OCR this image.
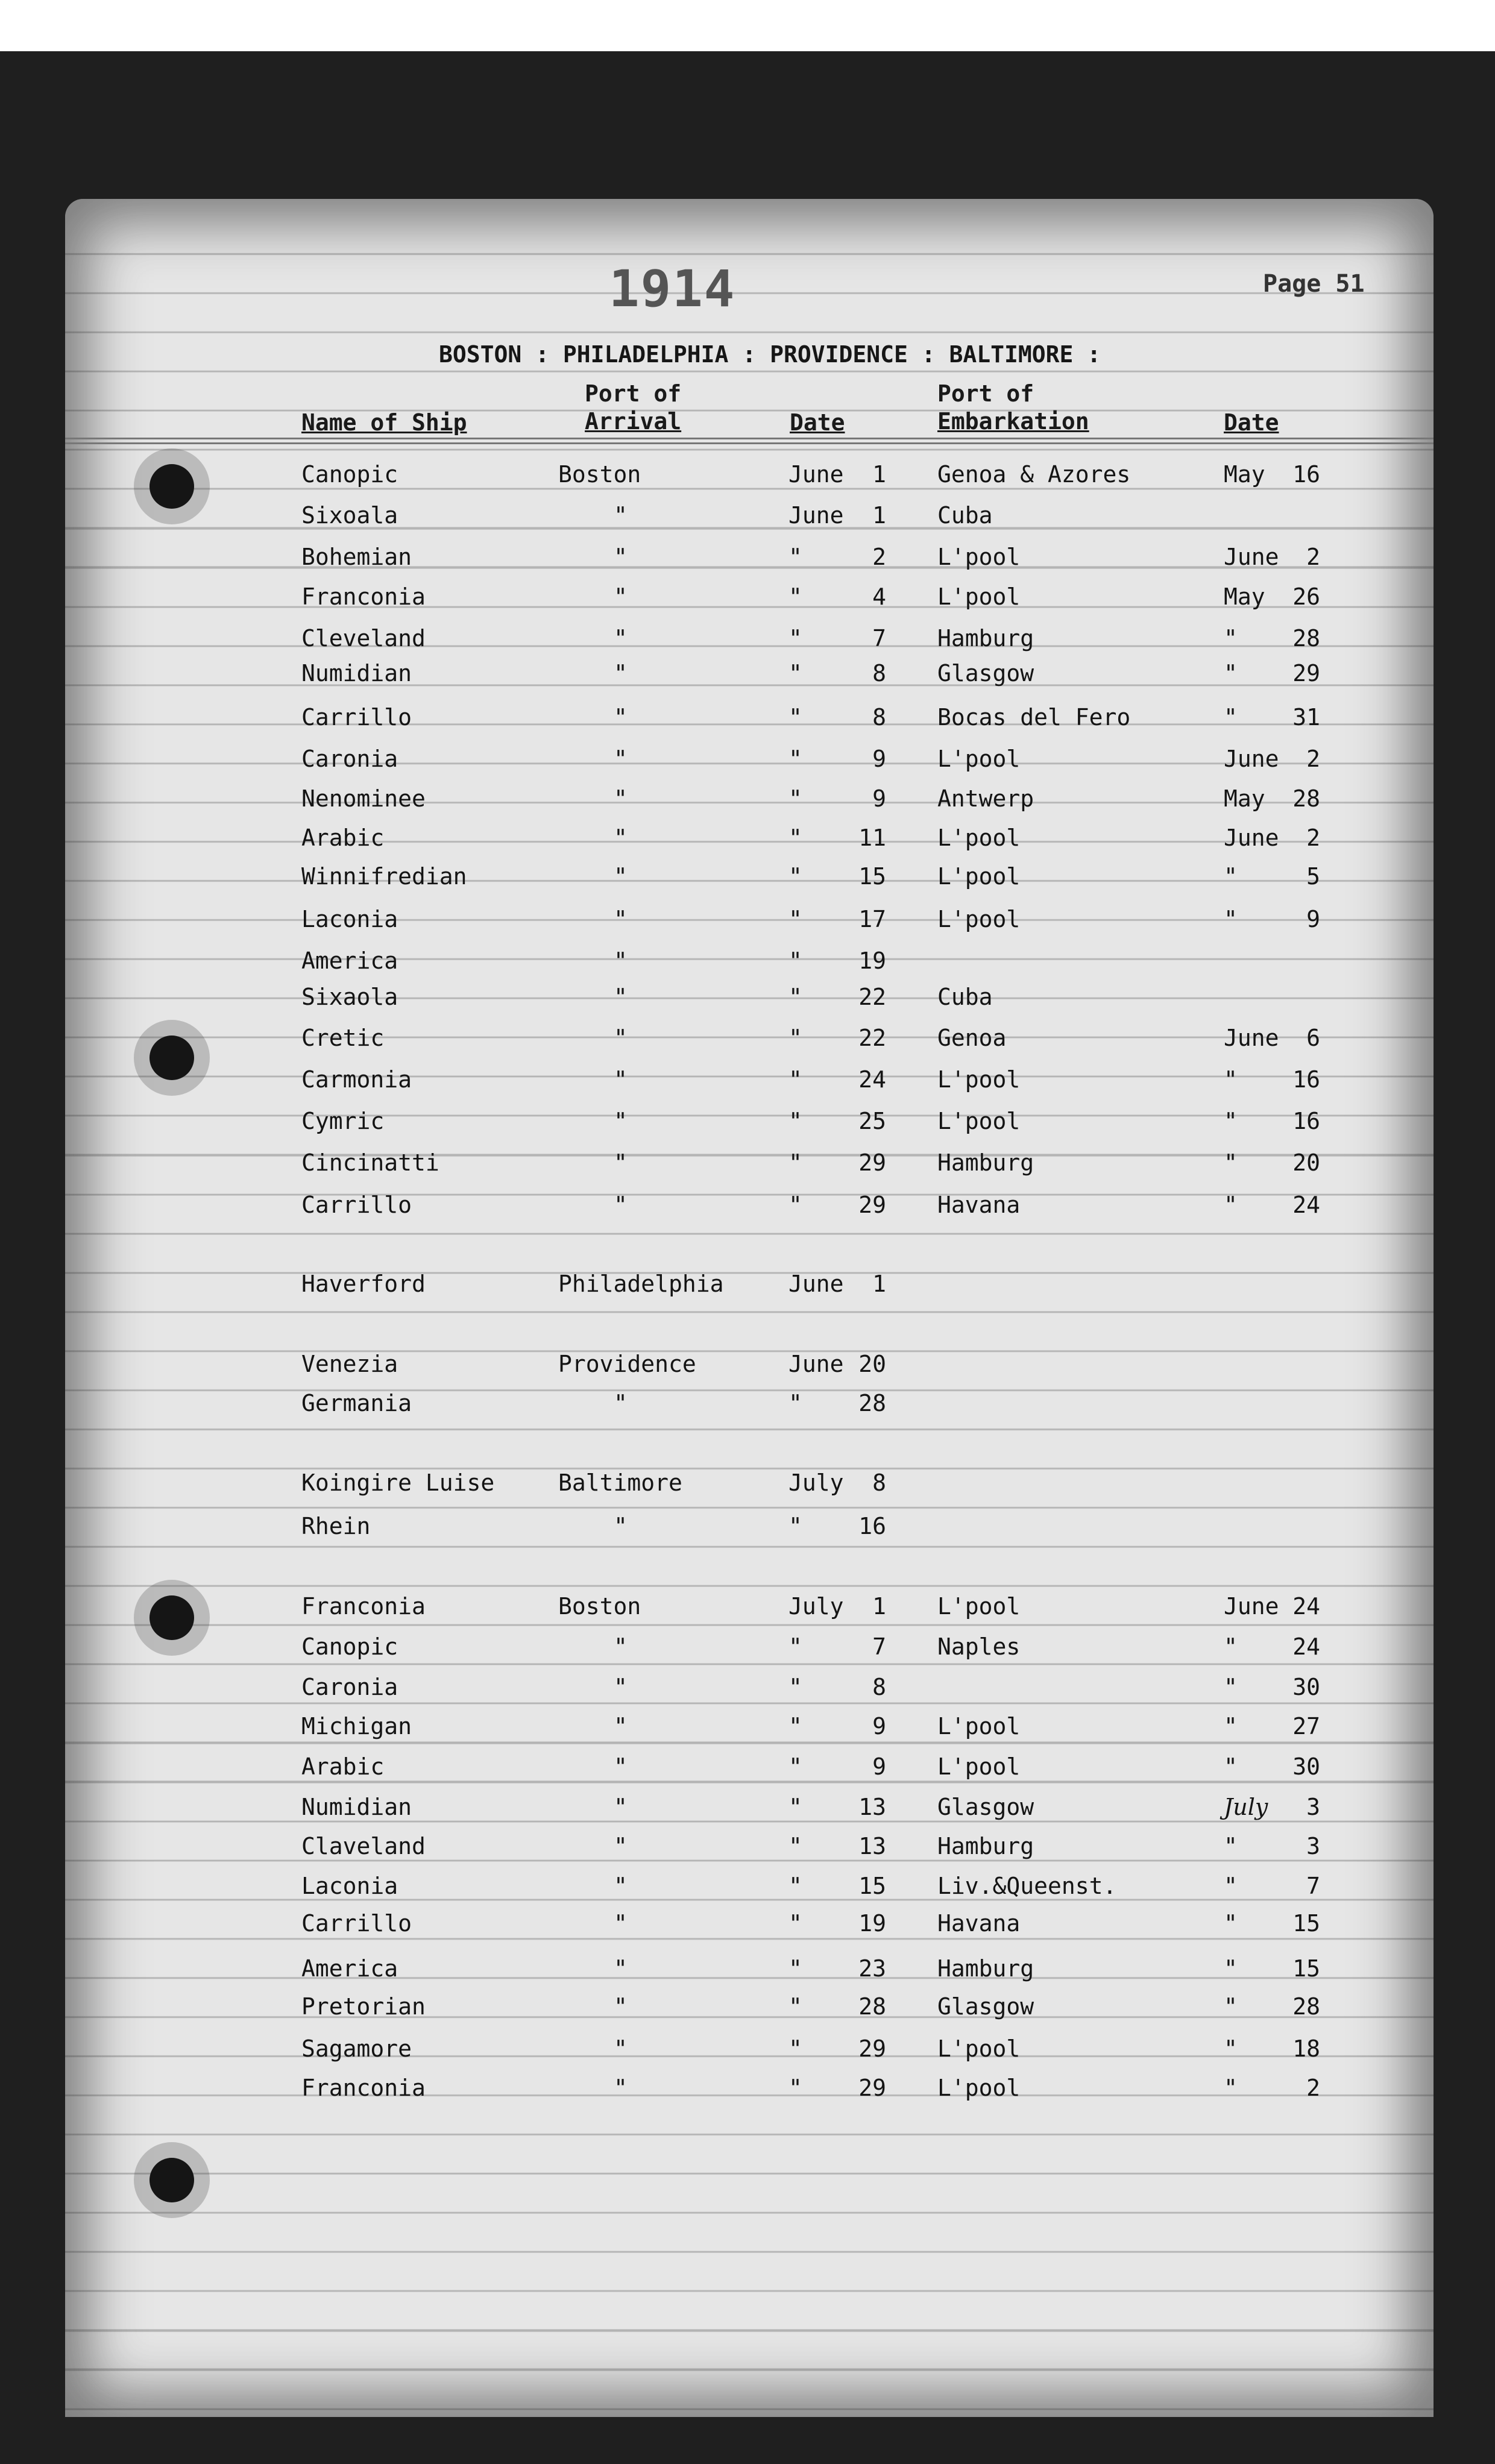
1914	Page 51
BOSTON : PHILADELPHIA : PROVIDENCE : BALTIMORE :
Name of Ship
Port of
Arrival	Date
Port of
Embarkation	Date
Canopic	Boston	June	1 Genoa & Azores	May	16
Sixoala	"	June	1 Cuba
Bohemian	"	"	2 L'pool	June	2
Franconia	"	"	4 L'pool	May	26
Cleveland	"	"	7 Hamburg	"	28
Numidian	"	"	8 Glasgow	"	29
Carrillo	"	"	8 Bocas del Fero	"	31
Caronia	"	"	9 L'pool	June	2
Nenominee	"	"	9 Antwerp	May	28
Arabic	"	"	11 L'pool	June	2
Winnifredian	"	"	15 L'pool	"	5
Laconia	"	"	17 L'pool	"	9
America	"	"	19
Sixaola	"	"	22 Cuba
Cretic	"	"	22 Genoa	June	6
Carmonia	"	"	24 L'pool	"	16
Cymric	"	"	25 L'pool	"	16
Cincinatti	"	"	29 Hamburg	"	20
Carrillo	"	"	29 Havana	"	24
Haverford	Philadelphia	June	1
Venezia	Providence	June 20
Germania	"	"	28
Koingire Luise	Baltimore	July	8
Rhein	"	"	16
Franconia	Boston	July	1 L'pool	June 24
Canopic	"	"	7 Naples	"	24
Caronia	"	"	8	"	30
Michigan	"	"	9 L'pool	"	27
Arabic	"	"	9 L'pool	"	30
Numidian	"	"	13 Glasgow	July	3
Claveland	"	"	13 Hamburg	"	3
Laconia	"	"	15 Liv.&Queenst.	"	7
Carrillo	"	"	19 Havana	"	15
America	"	"	23 Hamburg	"	15
Pretorian	"	"	28 Glasgow	"	28
Sagamore	"	"	29 L'pool	"	18
Franconia	"	"	29 L'pool	"	2
